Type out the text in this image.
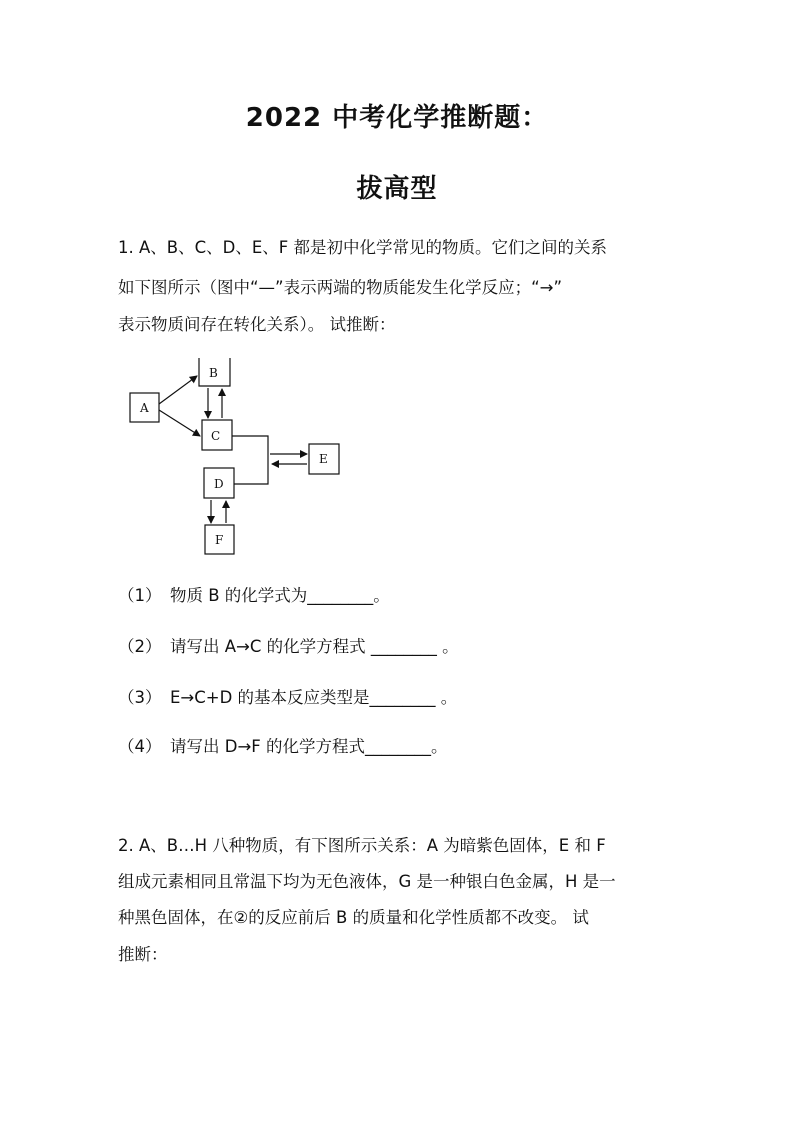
2022 中考化学推断题：
拔高型
1. A、B、C、D、E、F 都是初中化学常见的物质。它们之间的关系
如下图所示（图中“—”表示两端的物质能发生化学反应；“→”
表示物质间存在转化关系）。 试推断：
A
B
C
D
E
F
（1） 物质 B 的化学式为________。
（2） 请写出 A→C 的化学方程式 ________ 。
（3） E→C+D 的基本反应类型是________ 。
（4） 请写出 D→F 的化学方程式________。
2. A、B…H 八种物质，有下图所示关系：A 为暗紫色固体，E 和 F
组成元素相同且常温下均为无色液体，G 是一种银白色金属，H 是一
种黑色固体，在②的反应前后 B 的质量和化学性质都不改变。 试
推断：
